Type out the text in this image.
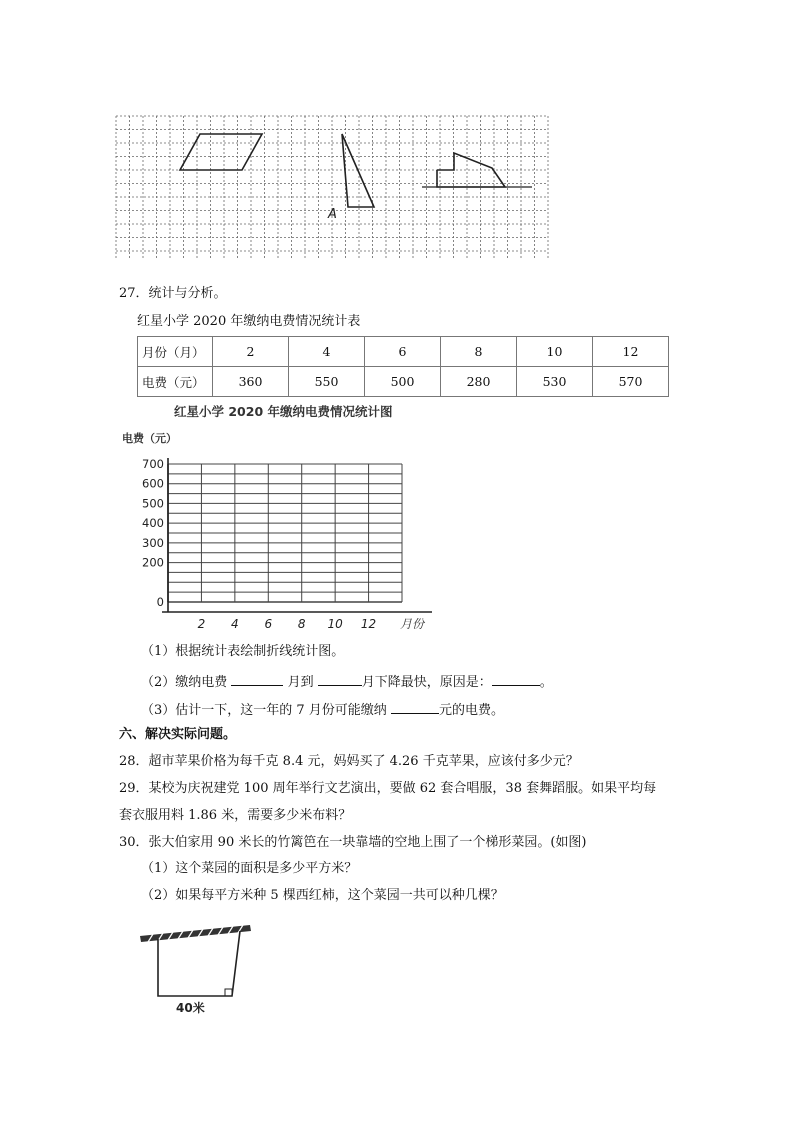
A
27．统计与分析。
红星小学 2020 年缴纳电费情况统计表
月份（月）	2	4	6	8	10	12
电费（元）	360	550	500	280	530	570
红星小学 2020 年缴纳电费情况统计图
电费（元）
0
200
300
400
500
600
700
2 4 6 8 10 12 月份
（1）根据统计表绘制折线统计图。
（2）缴纳电费	月到	月下降最快，原因是：	。
（3）估计一下，这一年的 7 月份可能缴纳	元的电费。
六、解决实际问题。
28．超市苹果价格为每千克 8.4 元，妈妈买了 4.26 千克苹果，应该付多少元？
29．某校为庆祝建党 100 周年举行文艺演出，要做 62 套合唱服，38 套舞蹈服。如果平均每
套衣服用料 1.86 米，需要多少米布料？
30．张大伯家用 90 米长的竹篱笆在一块靠墙的空地上围了一个梯形菜园。(如图)
（1）这个菜园的面积是多少平方米？
（2）如果每平方米种 5 棵西红柿，这个菜园一共可以种几棵？
40米
